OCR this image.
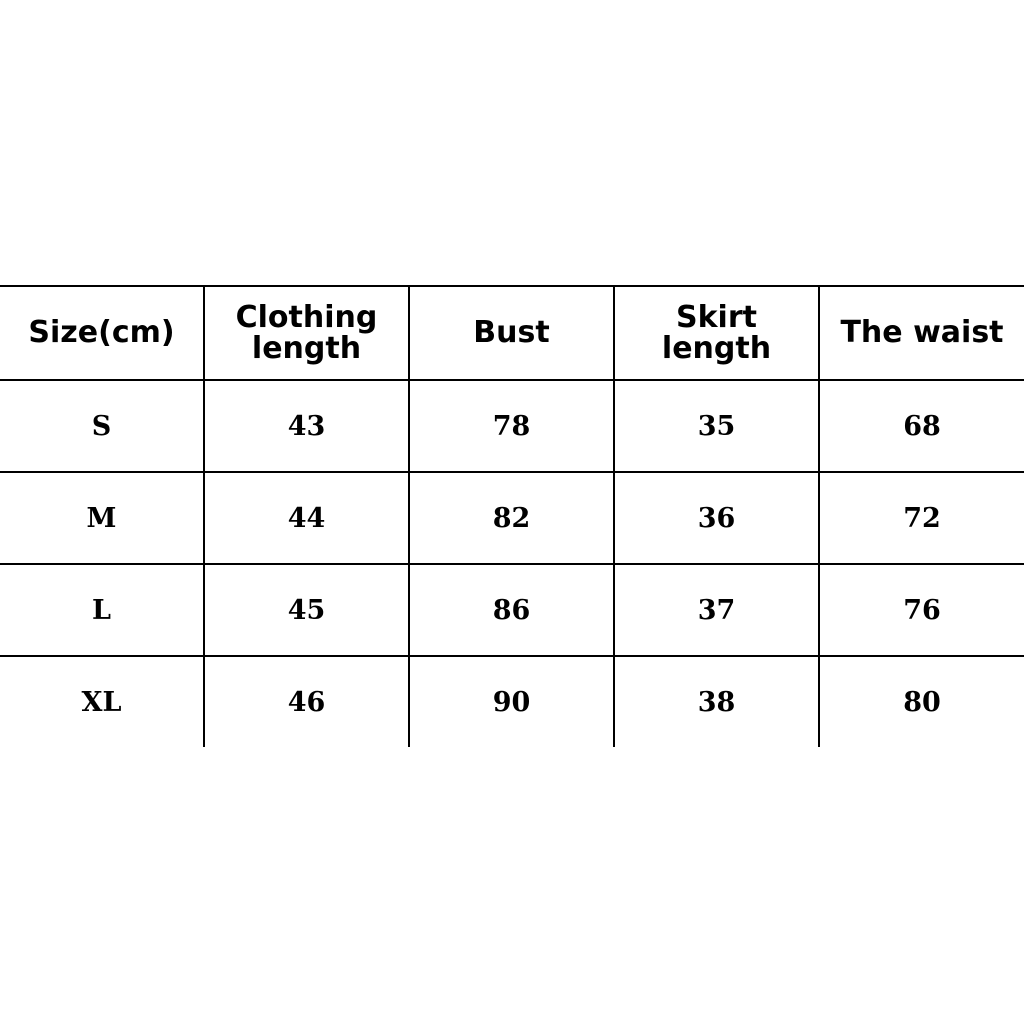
Size(cm)	Clothing length	Bust	Skirt length	The waist
S	43	78	35	68
M	44	82	36	72
L	45	86	37	76
XL	46	90	38	80
